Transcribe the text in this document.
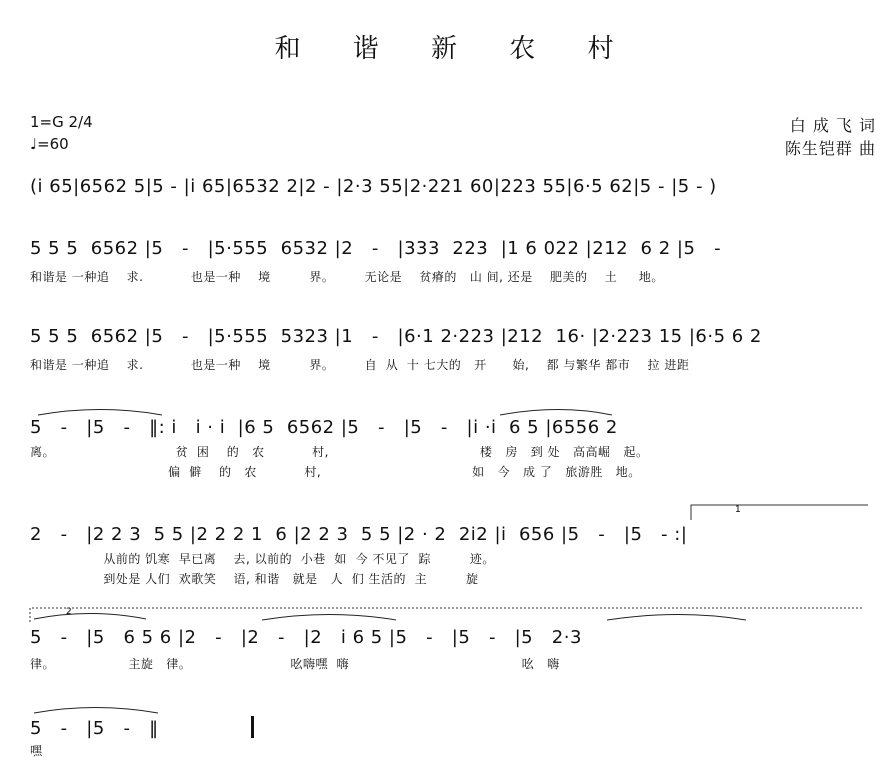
和 谐 新 农 村
1=G 2/4
♩=60
白 成 飞 词
陈生铠群 曲
(i 65|6562 5|5 - |i 65|6532 2|2 - |2·3 55|2·221 60|223 55|6·5 62|5 - |5 - )
5 5 5  6562 |5   -   |5·555  6532 |2   -   |333  223  |1 6 022 |212  6 2 |5   -
和谐是 一种追    求.           也是一种    境         界。       无论是    贫瘠的   山 间, 还是    肥美的    土     地。
5 5 5  6562 |5   -   |5·555  5323 |1   -   |6·1 2·223 |212  16· |2·223 15 |6·5 6 2
和谐是 一种追    求.           也是一种    境         界。       自  从  十 七大的   开      始,    都 与繁华 都市    拉 进距
5   -   |5   -   ‖: i   i · i  |6 5  6562 |5   -   |5   -   |i ·i  6 5 |6556 2
离。                            贫  困    的   农           村,                                   楼   房   到 处   高高崛   起。
偏  僻    的   农           村,                                   如   今   成 了   旅游胜   地。
2   -   |2 2 3  5 5 |2 2 2 1  6 |2 2 3  5 5 |2 · 2  2i2 |i  656 |5   -   |5   - :|
从前的 饥寒  早已离    去, 以前的  小巷  如  今 不见了  踪         迹。
到处是 人们  欢歌笑    语, 和谐   就是   人  们 生活的  主         旋
5   -   |5   6 5 6 |2   -   |2   -   |2   i 6 5 |5   -   |5   -   |5   2·3
律。                 主旋   律。                       吆嗨嘿  嗨                                        吆   嗨
5   -   |5   -   ‖
嘿
1
2
